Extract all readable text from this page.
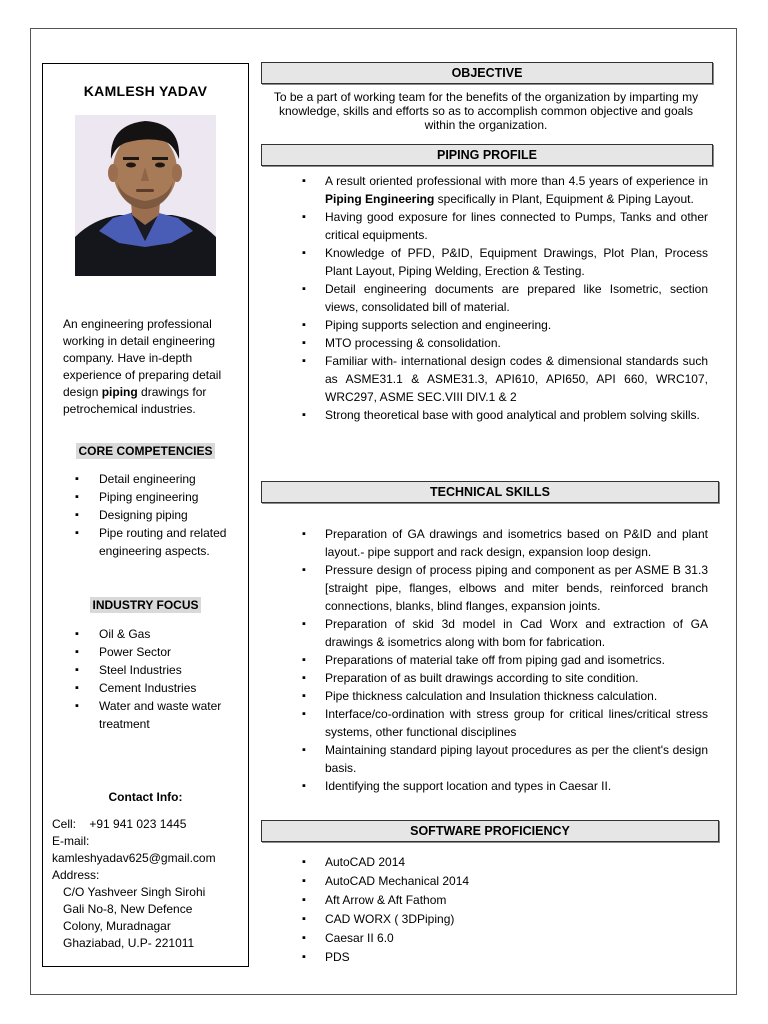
KAMLESH YADAV
An engineering professional working in detail engineering company. Have in-depth experience of preparing detail design piping drawings for petrochemical industries.
CORE COMPETENCIES
▪ Detail engineering
▪ Piping engineering
▪ Designing piping
▪ Pipe routing and related engineering aspects.
INDUSTRY FOCUS
▪ Oil & Gas
▪ Power Sector
▪ Steel Industries
▪ Cement Industries
▪ Water and waste water treatment
Contact Info:
Cell:    +91 941 023 1445
E-mail:
kamleshyadav625@gmail.com
Address:
C/O Yashveer Singh Sirohi
Gali No-8, New Defence
Colony, Muradnagar
Ghaziabad, U.P- 221011
OBJECTIVE
To be a part of working team for the benefits of the organization by imparting my knowledge, skills and efforts so as to accomplish common objective and goals within the organization.
PIPING PROFILE
▪ A result oriented professional with more than 4.5 years of experience in Piping Engineering specifically in Plant, Equipment & Piping Layout.
▪ Having good exposure for lines connected to Pumps, Tanks and other critical equipments.
▪ Knowledge of PFD, P&ID, Equipment Drawings, Plot Plan, Process Plant Layout, Piping Welding, Erection & Testing.
▪ Detail engineering documents are prepared like Isometric, section views, consolidated bill of material.
▪ Piping supports selection and engineering.
▪ MTO processing & consolidation.
▪ Familiar with- international design codes & dimensional standards such as ASME31.1 & ASME31.3, API610, API650, API 660, WRC107, WRC297, ASME SEC.VIII DIV.1 & 2
▪ Strong theoretical base with good analytical and problem solving skills.
TECHNICAL SKILLS
▪ Preparation of GA drawings and isometrics based on P&ID and plant layout.- pipe support and rack design, expansion loop design.
▪ Pressure design of process piping and component as per ASME B 31.3 [straight pipe, flanges, elbows and miter bends, reinforced branch connections, blanks, blind flanges, expansion joints.
▪ Preparation of skid 3d model in Cad Worx and extraction of GA drawings & isometrics along with bom for fabrication.
▪ Preparations of material take off from piping gad and isometrics.
▪ Preparation of as built drawings according to site condition.
▪ Pipe thickness calculation and Insulation thickness calculation.
▪ Interface/co-ordination with stress group for critical lines/critical stress systems, other functional disciplines
▪ Maintaining standard piping layout procedures as per the client's design basis.
▪ Identifying the support location and types in Caesar II.
SOFTWARE PROFICIENCY
▪ AutoCAD 2014
▪ AutoCAD Mechanical 2014
▪ Aft Arrow & Aft Fathom
▪ CAD WORX ( 3DPiping)
▪ Caesar II 6.0
▪ PDS
